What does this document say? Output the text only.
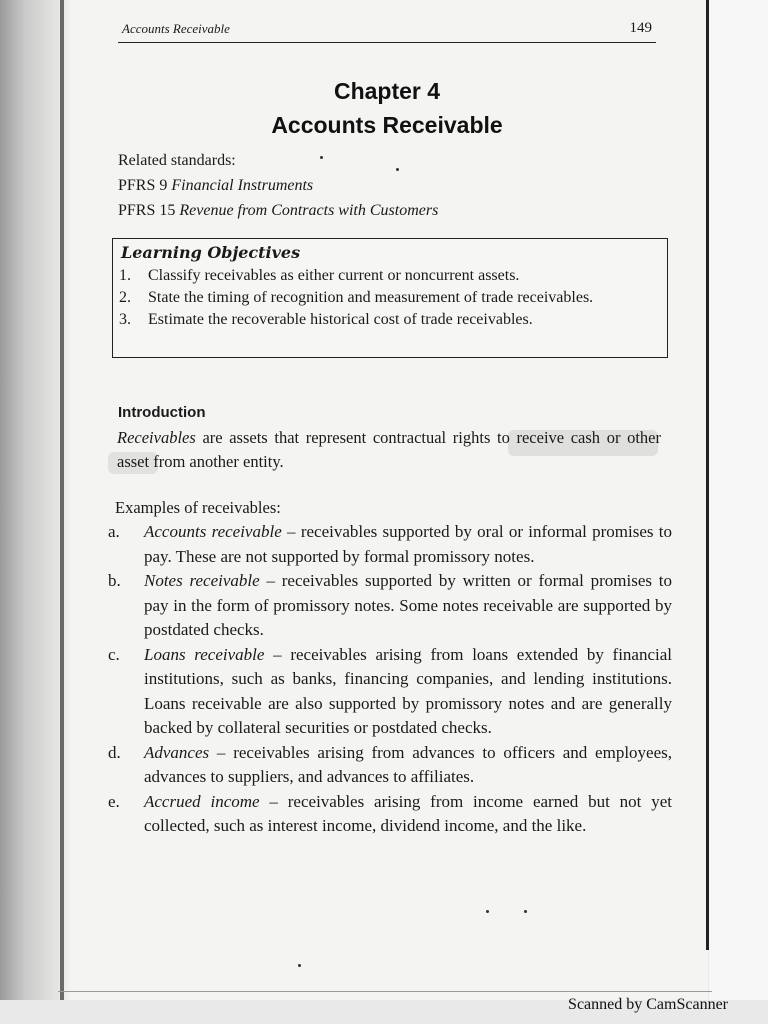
Accounts Receivable	149
Chapter 4
Accounts Receivable
Related standards:
PFRS 9 Financial Instruments
PFRS 15 Revenue from Contracts with Customers
Learning Objectives
1.	Classify receivables as either current or noncurrent assets.
2.	State the timing of recognition and measurement of trade receivables.
3.	Estimate the recoverable historical cost of trade receivables.
Introduction
Receivables are assets that represent contractual rights to receive cash or other asset from another entity.
Examples of receivables:
a.	Accounts receivable – receivables supported by oral or informal promises to pay. These are not supported by formal promissory notes.
b.	Notes receivable – receivables supported by written or formal promises to pay in the form of promissory notes. Some notes receivable are supported by postdated checks.
c.	Loans receivable – receivables arising from loans extended by financial institutions, such as banks, financing companies, and lending institutions. Loans receivable are also supported by promissory notes and are generally backed by collateral securities or postdated checks.
d.	Advances – receivables arising from advances to officers and employees, advances to suppliers, and advances to affiliates.
e.	Accrued income – receivables arising from income earned but not yet collected, such as interest income, dividend income, and the like.
Scanned by CamScanner
